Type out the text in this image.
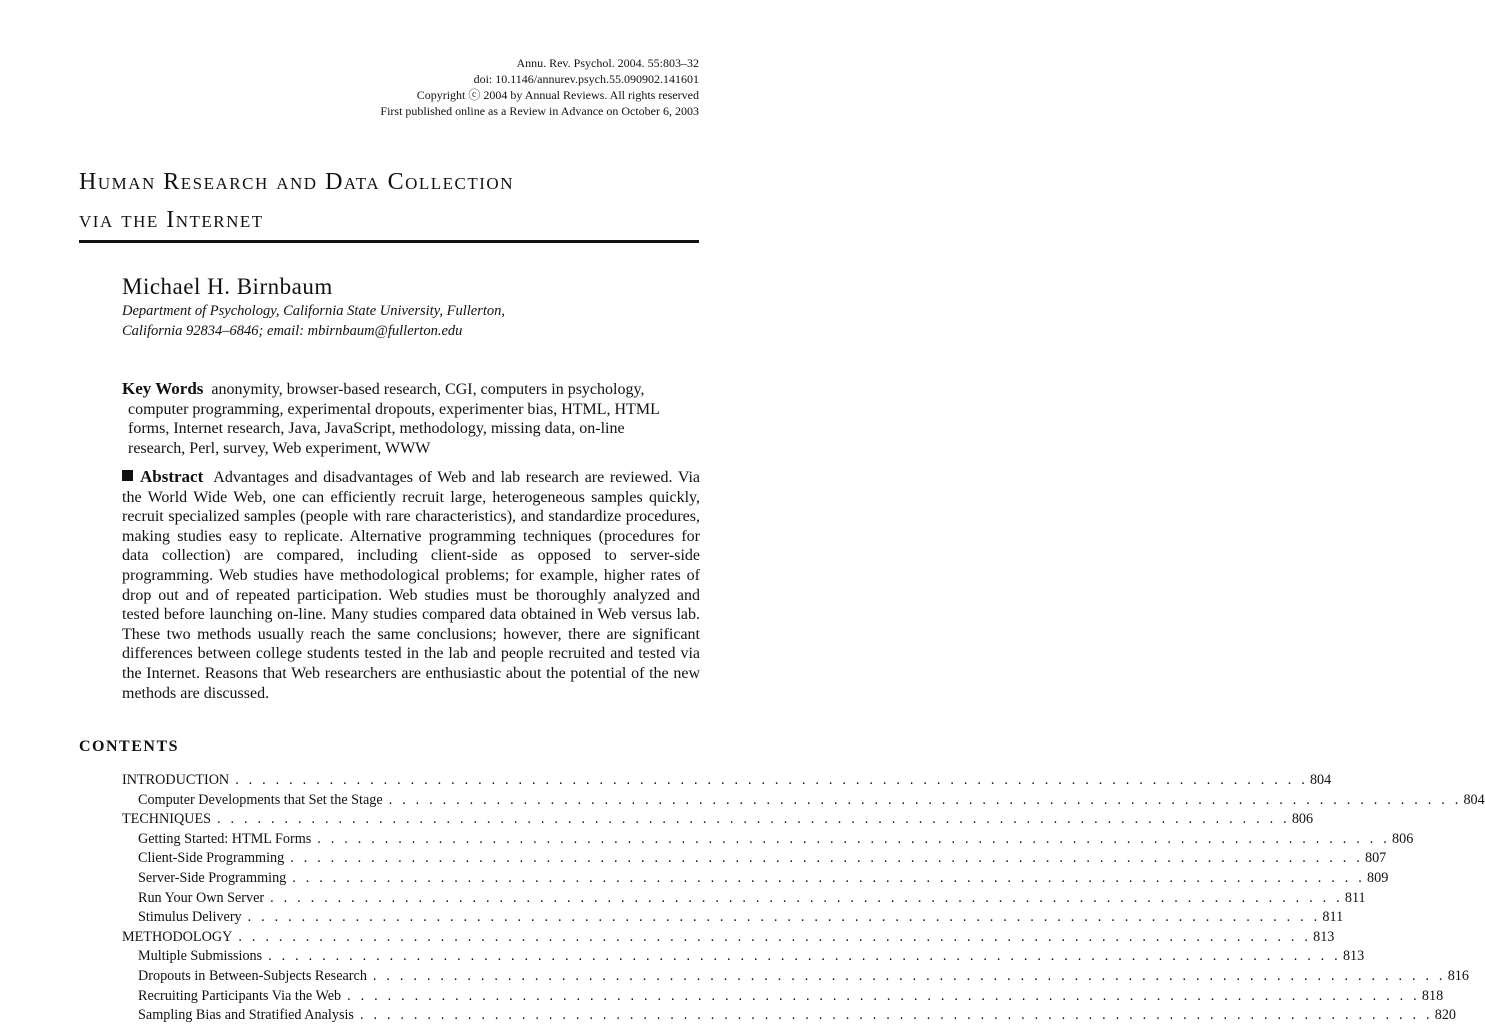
Annu. Rev. Psychol. 2004. 55:803–32
doi: 10.1146/annurev.psych.55.090902.141601
Copyright ⓒ 2004 by Annual Reviews. All rights reserved
First published online as a Review in Advance on October 6, 2003
Human Research and Data Collection
via the Internet
Michael H. Birnbaum
Department of Psychology, California State University, Fullerton,
California 92834–6846; email: mbirnbaum@fullerton.edu
Key Words anonymity, browser-based research, CGI, computers in psychology,
computer programming, experimental dropouts, experimenter bias, HTML, HTML
forms, Internet research, Java, JavaScript, methodology, missing data, on-line
research, Perl, survey, Web experiment, WWW
Abstract Advantages and disadvantages of Web and lab research are reviewed. Via the World Wide Web, one can efficiently recruit large, heterogeneous samples quickly, recruit specialized samples (people with rare characteristics), and standardize procedures, making studies easy to replicate. Alternative programming techniques (procedures for data collection) are compared, including client-side as opposed to server-side programming. Web studies have methodological problems; for example, higher rates of drop out and of repeated participation. Web studies must be thoroughly analyzed and tested before launching on-line. Many studies compared data obtained in Web versus lab. These two methods usually reach the same conclusions; however, there are significant differences between college students tested in the lab and people recruited and tested via the Internet. Reasons that Web researchers are enthusiastic about the potential of the new methods are discussed.
CONTENTS
INTRODUCTION . . . . . . . . . . . . . . . . . . . . . . . . . . . . . . . . . . . . . . . . . . . . . . . . . . . . . . . . . . . . . . . . . . . . . . . . . . . . . . . . 804
Computer Developments that Set the Stage . . . . . . . . . . . . . . . . . . . . . . . . . . . . . . . . . . . . . . . . . . . . . . . . . . . . . . . . . . . . . . . . . . . . . . . . . . . . . . . . 804
TECHNIQUES . . . . . . . . . . . . . . . . . . . . . . . . . . . . . . . . . . . . . . . . . . . . . . . . . . . . . . . . . . . . . . . . . . . . . . . . . . . . . . . . 806
Getting Started: HTML Forms . . . . . . . . . . . . . . . . . . . . . . . . . . . . . . . . . . . . . . . . . . . . . . . . . . . . . . . . . . . . . . . . . . . . . . . . . . . . . . . . 806
Client-Side Programming . . . . . . . . . . . . . . . . . . . . . . . . . . . . . . . . . . . . . . . . . . . . . . . . . . . . . . . . . . . . . . . . . . . . . . . . . . . . . . . . 807
Server-Side Programming . . . . . . . . . . . . . . . . . . . . . . . . . . . . . . . . . . . . . . . . . . . . . . . . . . . . . . . . . . . . . . . . . . . . . . . . . . . . . . . . 809
Run Your Own Server . . . . . . . . . . . . . . . . . . . . . . . . . . . . . . . . . . . . . . . . . . . . . . . . . . . . . . . . . . . . . . . . . . . . . . . . . . . . . . . . 811
Stimulus Delivery . . . . . . . . . . . . . . . . . . . . . . . . . . . . . . . . . . . . . . . . . . . . . . . . . . . . . . . . . . . . . . . . . . . . . . . . . . . . . . . . 811
METHODOLOGY . . . . . . . . . . . . . . . . . . . . . . . . . . . . . . . . . . . . . . . . . . . . . . . . . . . . . . . . . . . . . . . . . . . . . . . . . . . . . . . . 813
Multiple Submissions . . . . . . . . . . . . . . . . . . . . . . . . . . . . . . . . . . . . . . . . . . . . . . . . . . . . . . . . . . . . . . . . . . . . . . . . . . . . . . . . 813
Dropouts in Between-Subjects Research . . . . . . . . . . . . . . . . . . . . . . . . . . . . . . . . . . . . . . . . . . . . . . . . . . . . . . . . . . . . . . . . . . . . . . . . . . . . . . . . 816
Recruiting Participants Via the Web . . . . . . . . . . . . . . . . . . . . . . . . . . . . . . . . . . . . . . . . . . . . . . . . . . . . . . . . . . . . . . . . . . . . . . . . . . . . . . . . 818
Sampling Bias and Stratified Analysis . . . . . . . . . . . . . . . . . . . . . . . . . . . . . . . . . . . . . . . . . . . . . . . . . . . . . . . . . . . . . . . . . . . . . . . . . . . . . . . . 820
